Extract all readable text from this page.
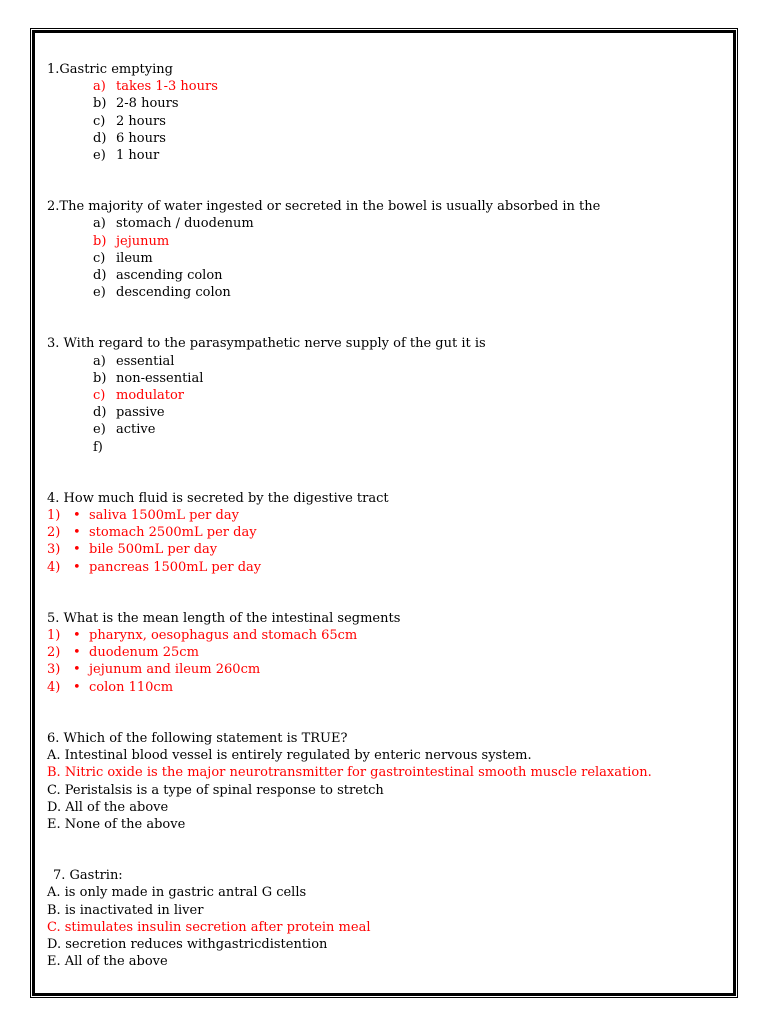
1.Gastric emptying
a) takes 1-3 hours
b) 2-8 hours
c) 2 hours
d) 6 hours
e) 1 hour
2.The majority of water ingested or secreted in the bowel is usually absorbed in the
a) stomach / duodenum
b) jejunum
c) ileum
d) ascending colon
e) descending colon
3. With regard to the parasympathetic nerve supply of the gut it is
a) essential
b) non-essential
c) modulator
d) passive
e) active
f)
4. How much fluid is secreted by the digestive tract
1) • saliva 1500mL per day
2) • stomach 2500mL per day
3) • bile 500mL per day
4) • pancreas 1500mL per day
5. What is the mean length of the intestinal segments
1) • pharynx, oesophagus and stomach 65cm
2) • duodenum 25cm
3) • jejunum and ileum 260cm
4) • colon 110cm
6. Which of the following statement is TRUE?
A. Intestinal blood vessel is entirely regulated by enteric nervous system.
B. Nitric oxide is the major neurotransmitter for gastrointestinal smooth muscle relaxation.
C. Peristalsis is a type of spinal response to stretch
D. All of the above
E. None of the above
7. Gastrin:
A. is only made in gastric antral G cells
B. is inactivated in liver
C. stimulates insulin secretion after protein meal
D. secretion reduces withgastricdistention
E. All of the above
